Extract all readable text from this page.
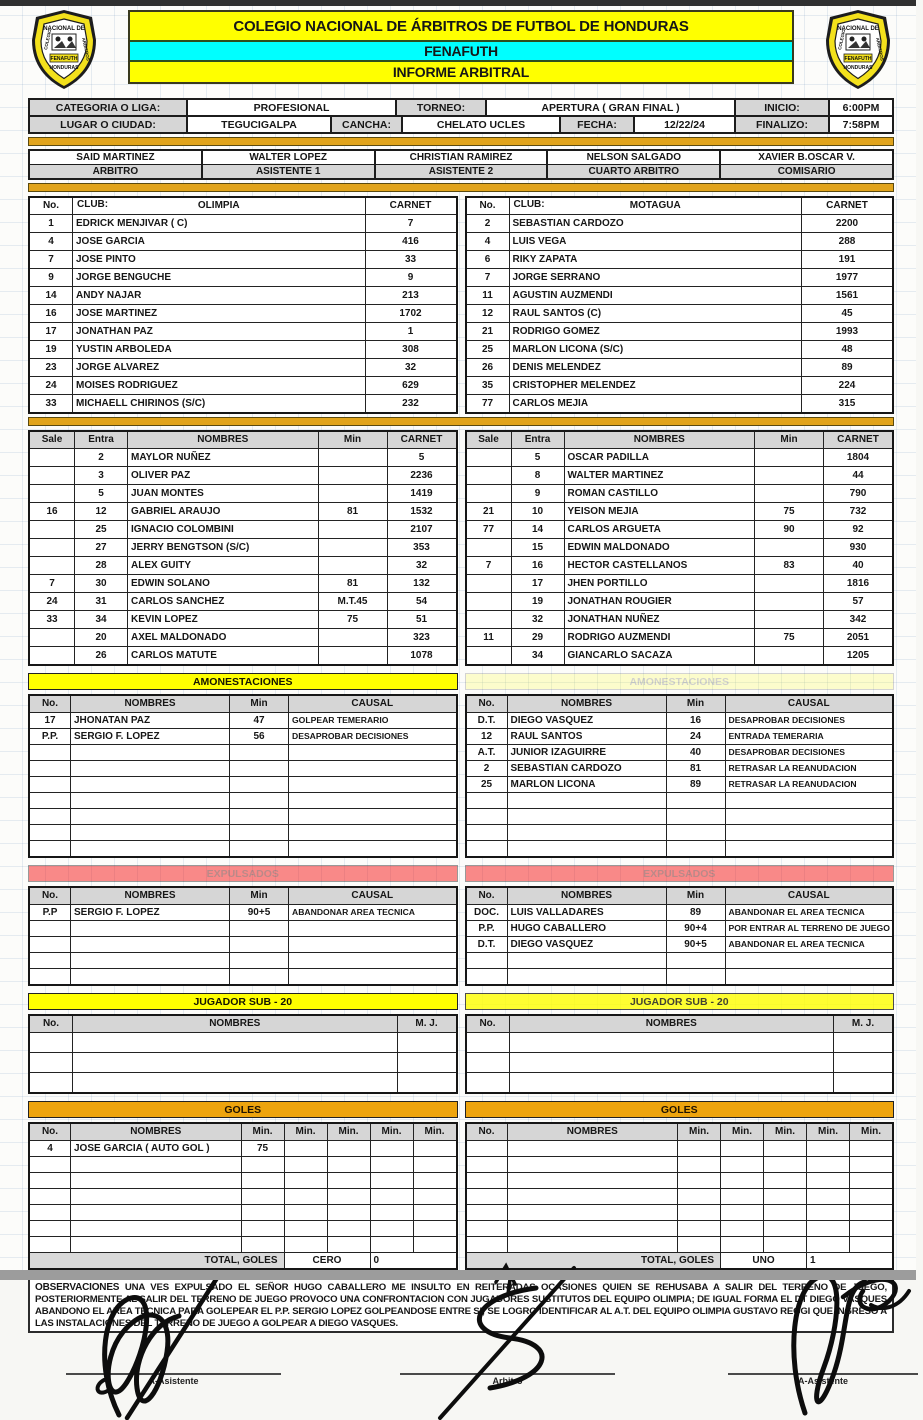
NACIONAL DE
COLEGIO	ARBITROS
FENAFUTH
HONDURAS
COLEGIO NACIONAL DE ÁRBITROS DE FUTBOL DE HONDURAS
FENAFUTH
INFORME ARBITRAL
NACIONAL DE
COLEGIO	ARBITROS
FENAFUTH
HONDURAS
CATEGORIA O LIGA:	PROFESIONAL	TORNEO:	APERTURA ( GRAN FINAL )	INICIO:	6:00PM
LUGAR O CIUDAD:	TEGUCIGALPA	CANCHA:	CHELATO UCLES	FECHA:	12/22/24	FINALIZO:	7:58PM
SAID MARTINEZ
ARBITRO
WALTER LOPEZ
ASISTENTE 1
CHRISTIAN RAMIREZ
ASISTENTE 2
NELSON SALGADO
CUARTO ARBITRO
XAVIER B.OSCAR V.
COMISARIO
No.	CLUB: OLIMPIA	CARNET
1	EDRICK MENJIVAR ( C)	7
4	JOSE GARCIA	416
7	JOSE PINTO	33
9	JORGE BENGUCHE	9
14	ANDY NAJAR	213
16	JOSE MARTINEZ	1702
17	JONATHAN PAZ	1
19	YUSTIN ARBOLEDA	308
23	JORGE ALVAREZ	32
24	MOISES RODRIGUEZ	629
33	MICHAELL CHIRINOS (S/C)	232
No.	CLUB: MOTAGUA	CARNET
2	SEBASTIAN CARDOZO	2200
4	LUIS VEGA	288
6	RIKY ZAPATA	191
7	JORGE SERRANO	1977
11	AGUSTIN AUZMENDI	1561
12	RAUL SANTOS (C)	45
21	RODRIGO GOMEZ	1993
25	MARLON LICONA (S/C)	48
26	DENIS MELENDEZ	89
35	CRISTOPHER MELENDEZ	224
77	CARLOS MEJIA	315
Sale	Entra	NOMBRES	Min	CARNET
	2	MAYLOR NUÑEZ		5
	3	OLIVER PAZ		2236
	5	JUAN MONTES		1419
16	12	GABRIEL ARAUJO	81	1532
	25	IGNACIO COLOMBINI		2107
	27	JERRY BENGTSON (S/C)		353
	28	ALEX GUITY		32
7	30	EDWIN SOLANO	81	132
24	31	CARLOS SANCHEZ	M.T.45	54
33	34	KEVIN LOPEZ	75	51
	20	AXEL MALDONADO		323
	26	CARLOS MATUTE		1078
Sale	Entra	NOMBRES	Min	CARNET
	5	OSCAR PADILLA		1804
	8	WALTER MARTINEZ		44
	9	ROMAN CASTILLO		790
21	10	YEISON MEJIA	75	732
77	14	CARLOS ARGUETA	90	92
	15	EDWIN MALDONADO		930
7	16	HECTOR CASTELLANOS	83	40
	17	JHEN PORTILLO		1816
	19	JONATHAN ROUGIER		57
	32	JONATHAN NUÑEZ		342
11	29	RODRIGO AUZMENDI	75	2051
	34	GIANCARLO SACAZA		1205
AMONESTACIONES	AMONESTACIONES
No.	NOMBRES	Min	CAUSAL
17	JHONATAN PAZ	47	GOLPEAR TEMERARIO
P.P.	SERGIO F. LOPEZ	56	DESAPROBAR DECISIONES

No.	NOMBRES	Min	CAUSAL
D.T.	DIEGO VASQUEZ	16	DESAPROBAR DECISIONES
12	RAUL SANTOS	24	ENTRADA TEMERARIA
A.T.	JUNIOR IZAGUIRRE	40	DESAPROBAR DECISIONES
2	SEBASTIAN CARDOZO	81	RETRASAR LA REANUDACION
25	MARLON LICONA	89	RETRASAR LA REANUDACION

EXPULSADOS	EXPULSADOS
No.	NOMBRES	Min	CAUSAL
P.P	SERGIO F. LOPEZ	90+5	ABANDONAR AREA TECNICA

No.	NOMBRES	Min	CAUSAL
DOC.	LUIS VALLADARES	89	ABANDONAR EL AREA TECNICA
P.P.	HUGO CABALLERO	90+4	POR ENTRAR AL TERRENO DE JUEGO
D.T.	DIEGO VASQUEZ	90+5	ABANDONAR EL AREA TECNICA

JUGADOR SUB - 20	JUGADOR SUB - 20
No.	NOMBRES	M. J.

			No.	NOMBRES	M. J.

GOLES	GOLES
No.	NOMBRES	Min.	Min.	Min.	Min.	Min.
4	JOSE GARCIA ( AUTO GOL )	75				

TOTAL, GOLES			CERO		0	
No.	NOMBRES	Min.	Min.	Min.	Min.	Min.

TOTAL, GOLES			UNO		1	
OBSERVACIONES UNA VES EXPULSADO EL SEÑOR HUGO CABALLERO ME INSULTO EN REITERADAS OCASIONES QUIEN SE REHUSABA A SALIR DEL TERRENO DE JUEGO, POSTERIORMENTE AL SALIR DEL TERRENO DE JUEGO PROVOCO UNA CONFRONTACION CON JUGADORES SUSTITUTOS DEL EQUIPO OLIMPIA; DE IGUAL FORMA EL DT DIEGO VASQUES ABANDONO EL AREA TECNICA PARA GOLEPEAR EL P.P. SERGIO LOPEZ GOLPEANDOSE ENTRE SI; SE LOGRO IDENTIFICAR AL A.T. DEL EQUIPO OLIMPIA GUSTAVO REGGI QUE INGRESO A LAS INSTALACIONES DEL TERRENO DE JUEGO A GOLPEAR A DIEGO VASQUES.
A-Asistente	Arbitro	A-Asistente
